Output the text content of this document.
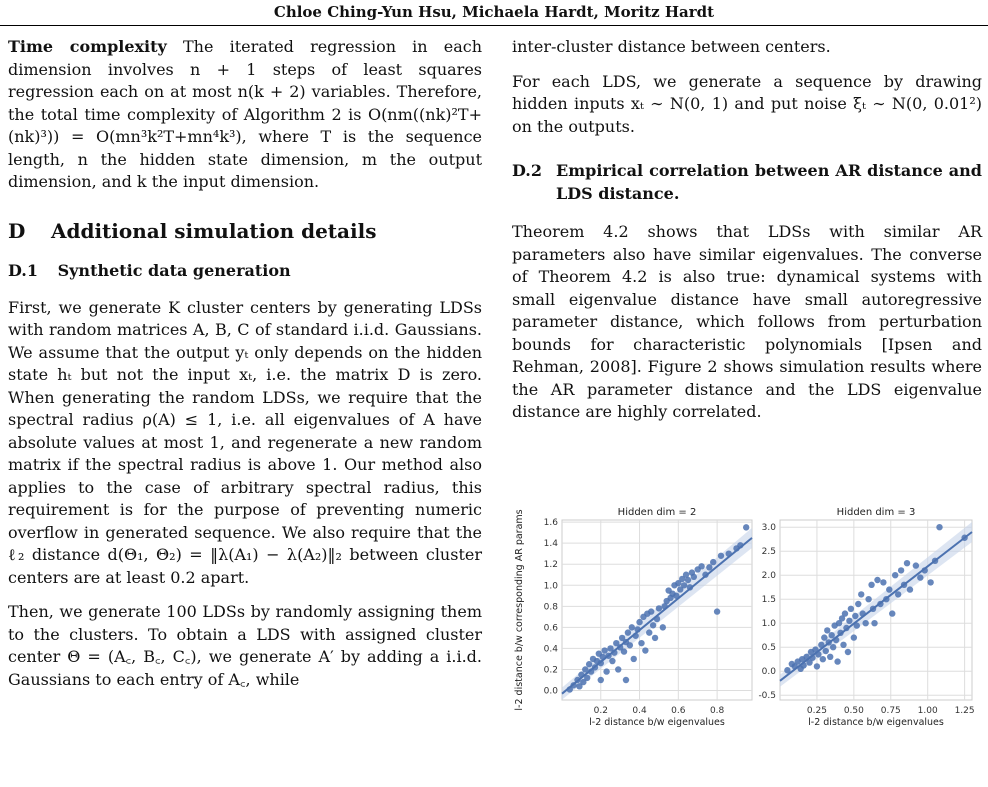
Chloe Ching-Yun Hsu, Michaela Hardt, Moritz Hardt

Time complexity The iterated regression in each dimension involves n + 1 steps of least squares regression each on at most n(k + 2) variables. Therefore, the total time complexity of Algorithm 2 is O(nm((nk)²T+(nk)³)) = O(mn³k²T+mn⁴k³), where T is the sequence length, n the hidden state dimension, m the output dimension, and k the input dimension.

D Additional simulation details
D.1 Synthetic data generation

First, we generate K cluster centers by generating LDSs with random matrices A, B, C of standard i.i.d. Gaussians. We assume that the output yₜ only depends on the hidden state hₜ but not the input xₜ, i.e. the matrix D is zero. When generating the random LDSs, we require that the spectral radius ρ(A) ≤ 1, i.e. all eigenvalues of A have absolute values at most 1, and regenerate a new random matrix if the spectral radius is above 1. Our method also applies to the case of arbitrary spectral radius, this requirement is for the purpose of preventing numeric overflow in generated sequence. We also require that the ℓ₂ distance d(Θ₁, Θ₂) = ‖λ(A₁) − λ(A₂)‖₂ between cluster centers are at least 0.2 apart.

Then, we generate 100 LDSs by randomly assigning them to the clusters. To obtain a LDS with assigned cluster center Θ = (A꜀, B꜀, C꜀), we generate A′ by adding a i.i.d. Gaussians to each entry of A꜀, while

inter-cluster distance between centers.

For each LDS, we generate a sequence by drawing hidden inputs xₜ ∼ N(0, 1) and put noise ξₜ ∼ N(0, 0.01²) on the outputs.

D.2 Empirical correlation between AR distance and LDS distance.

Theorem 4.2 shows that LDSs with similar AR parameters also have similar eigenvalues. The converse of Theorem 4.2 is also true: dynamical systems with small eigenvalue distance have small autoregressive parameter distance, which follows from perturbation bounds for characteristic polynomials [Ipsen and Rehman, 2008]. Figure 2 shows simulation results where the AR parameter distance and the LDS eigenvalue distance are highly correlated.

0.2	0.4	0.6	0.8
0.0
0.2
0.4
0.6
0.8
1.0
1.2
1.4
1.6
Hidden dim = 2
l-2 distance b/w eigenvalues
l-2 distance b/w corresponding AR params
0.25 0.50 0.75 1.00 1.25
-0.5
0.0
0.5
1.0
1.5
2.0
2.5
3.0
Hidden dim = 3
l-2 distance b/w eigenvalues
